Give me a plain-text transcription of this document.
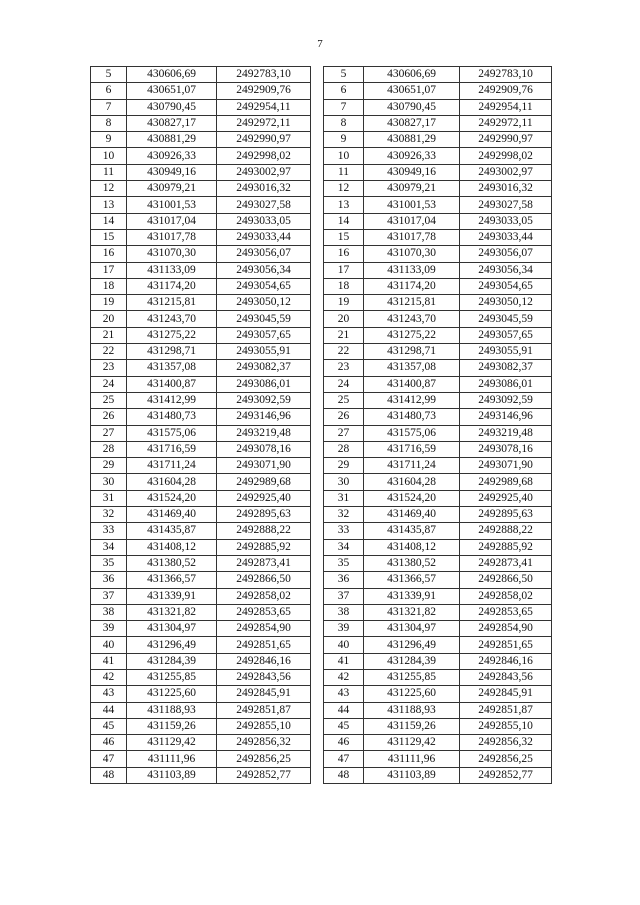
7
5	430606,69	2492783,10
6	430651,07	2492909,76
7	430790,45	2492954,11
8	430827,17	2492972,11
9	430881,29	2492990,97
10	430926,33	2492998,02
11	430949,16	2493002,97
12	430979,21	2493016,32
13	431001,53	2493027,58
14	431017,04	2493033,05
15	431017,78	2493033,44
16	431070,30	2493056,07
17	431133,09	2493056,34
18	431174,20	2493054,65
19	431215,81	2493050,12
20	431243,70	2493045,59
21	431275,22	2493057,65
22	431298,71	2493055,91
23	431357,08	2493082,37
24	431400,87	2493086,01
25	431412,99	2493092,59
26	431480,73	2493146,96
27	431575,06	2493219,48
28	431716,59	2493078,16
29	431711,24	2493071,90
30	431604,28	2492989,68
31	431524,20	2492925,40
32	431469,40	2492895,63
33	431435,87	2492888,22
34	431408,12	2492885,92
35	431380,52	2492873,41
36	431366,57	2492866,50
37	431339,91	2492858,02
38	431321,82	2492853,65
39	431304,97	2492854,90
40	431296,49	2492851,65
41	431284,39	2492846,16
42	431255,85	2492843,56
43	431225,60	2492845,91
44	431188,93	2492851,87
45	431159,26	2492855,10
46	431129,42	2492856,32
47	431111,96	2492856,25
48	431103,89	2492852,77
5	430606,69	2492783,10
6	430651,07	2492909,76
7	430790,45	2492954,11
8	430827,17	2492972,11
9	430881,29	2492990,97
10	430926,33	2492998,02
11	430949,16	2493002,97
12	430979,21	2493016,32
13	431001,53	2493027,58
14	431017,04	2493033,05
15	431017,78	2493033,44
16	431070,30	2493056,07
17	431133,09	2493056,34
18	431174,20	2493054,65
19	431215,81	2493050,12
20	431243,70	2493045,59
21	431275,22	2493057,65
22	431298,71	2493055,91
23	431357,08	2493082,37
24	431400,87	2493086,01
25	431412,99	2493092,59
26	431480,73	2493146,96
27	431575,06	2493219,48
28	431716,59	2493078,16
29	431711,24	2493071,90
30	431604,28	2492989,68
31	431524,20	2492925,40
32	431469,40	2492895,63
33	431435,87	2492888,22
34	431408,12	2492885,92
35	431380,52	2492873,41
36	431366,57	2492866,50
37	431339,91	2492858,02
38	431321,82	2492853,65
39	431304,97	2492854,90
40	431296,49	2492851,65
41	431284,39	2492846,16
42	431255,85	2492843,56
43	431225,60	2492845,91
44	431188,93	2492851,87
45	431159,26	2492855,10
46	431129,42	2492856,32
47	431111,96	2492856,25
48	431103,89	2492852,77
